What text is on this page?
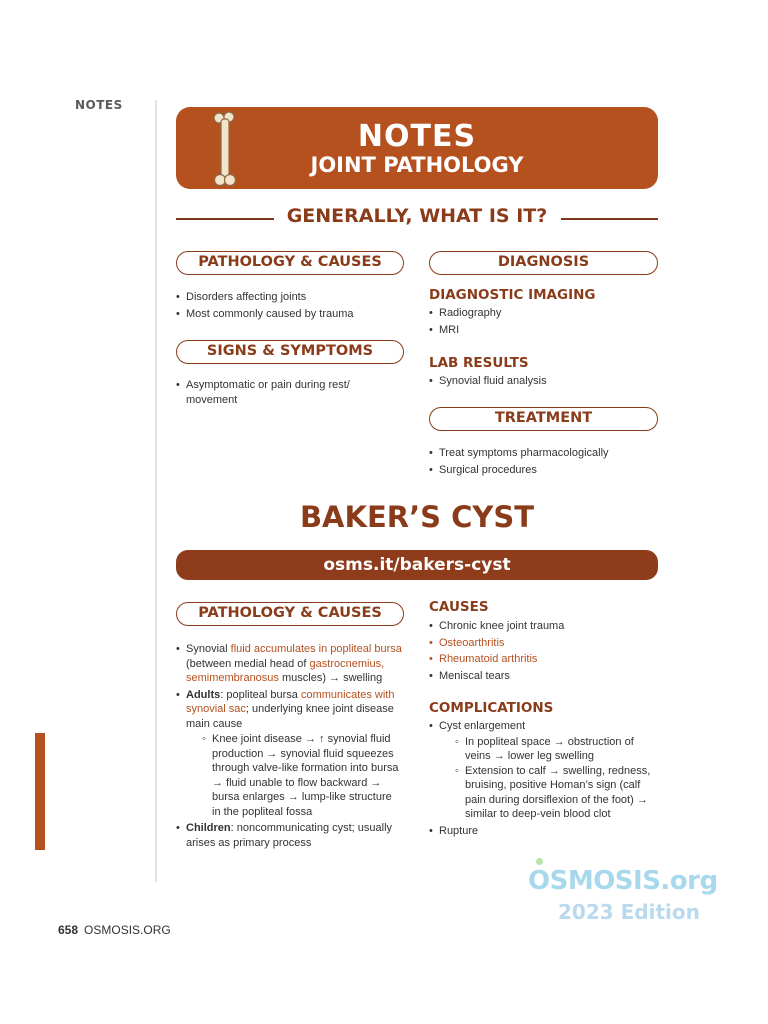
NOTES
NOTES
JOINT PATHOLOGY
GENERALLY, WHAT IS IT?
PATHOLOGY & CAUSES
• Disorders affecting joints
• Most commonly caused by trauma
SIGNS & SYMPTOMS
• Asymptomatic or pain during rest/ movement
DIAGNOSIS
DIAGNOSTIC IMAGING
• Radiography
• MRI
LAB RESULTS
• Synovial fluid analysis
TREATMENT
• Treat symptoms pharmacologically
• Surgical procedures
BAKER’S CYST
osms.it/bakers-cyst
PATHOLOGY & CAUSES
• Synovial fluid accumulates in popliteal bursa (between medial head of gastrocnemius, semimembranosus muscles) → swelling
• Adults: popliteal bursa communicates with synovial sac; underlying knee joint disease main cause
◦ Knee joint disease → ↑ synovial fluid production → synovial fluid squeezes through valve-like formation into bursa → fluid unable to flow backward → bursa enlarges → lump-like structure in the popliteal fossa
• Children: noncommunicating cyst; usually arises as primary process
CAUSES
• Chronic knee joint trauma
• Osteoarthritis
• Rheumatoid arthritis
• Meniscal tears
COMPLICATIONS
• Cyst enlargement
◦ In popliteal space → obstruction of veins → lower leg swelling
◦ Extension to calf → swelling, redness, bruising, positive Homan’s sign (calf pain during dorsiflexion of the foot) → similar to deep-vein blood clot
• Rupture
OSMOSIS.org
2023 Edition
658 OSMOSIS.ORG
